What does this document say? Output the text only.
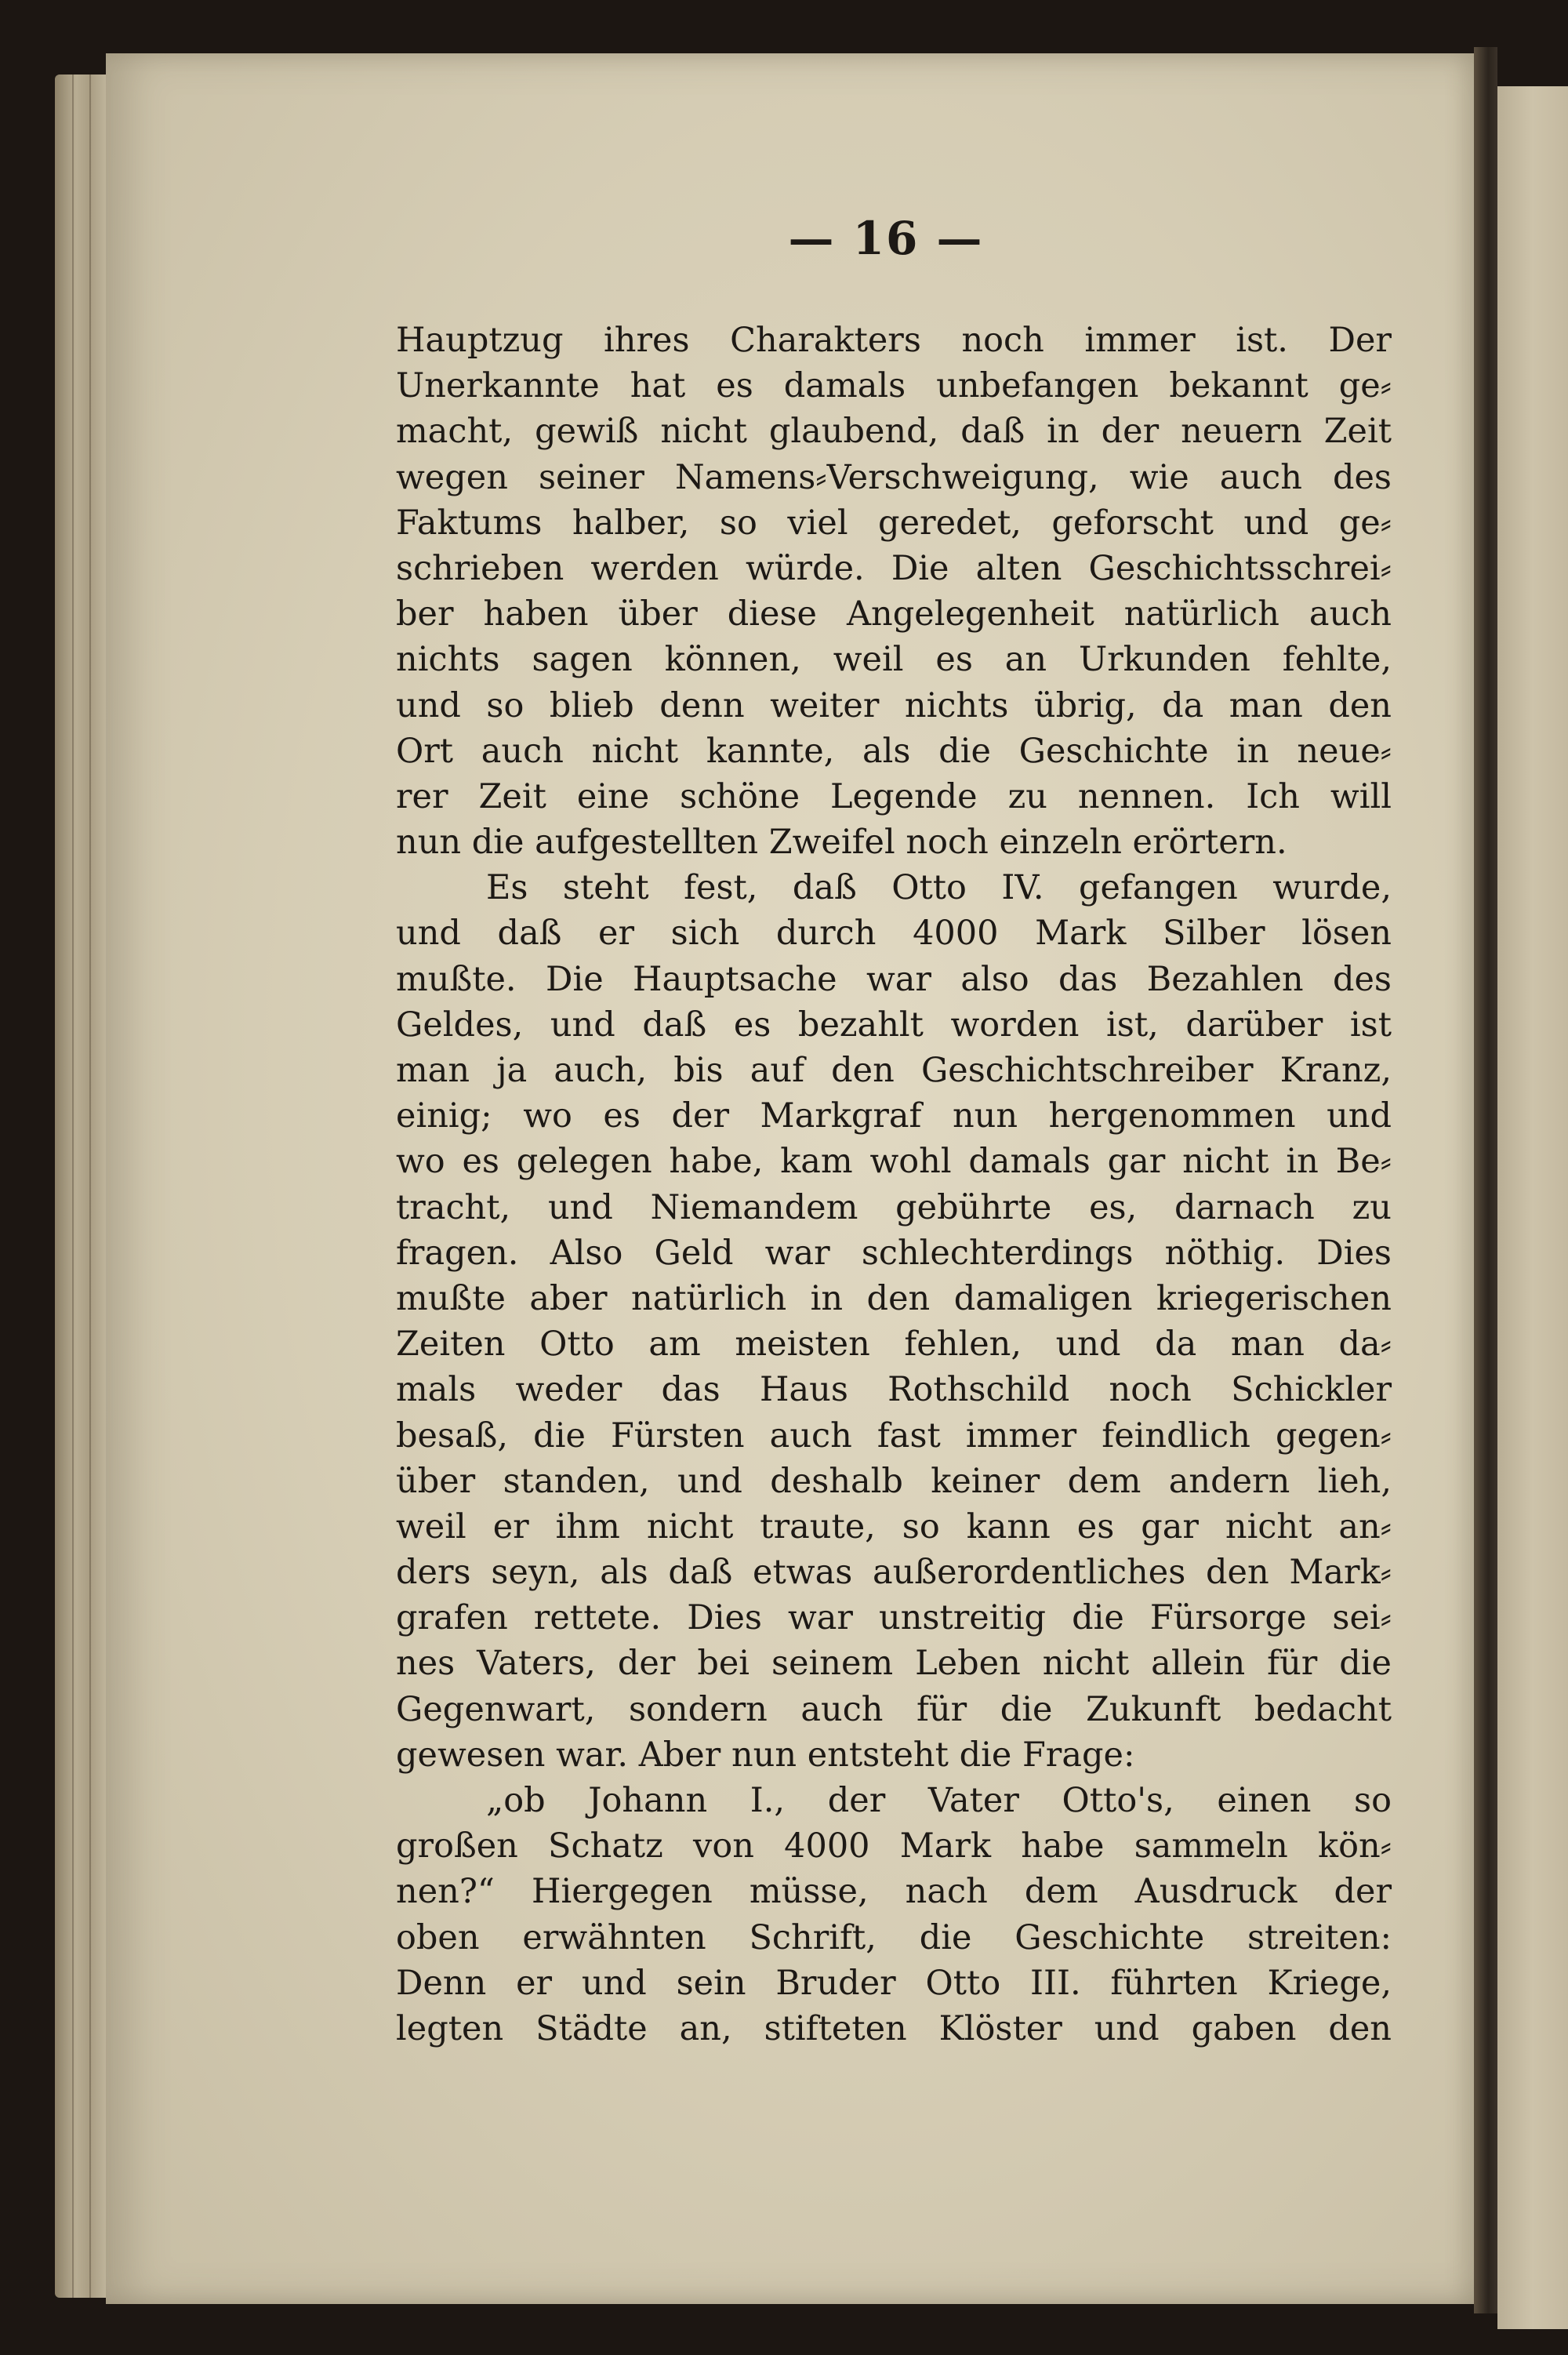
— 16 —
Hauptzug ihres Charakters noch immer ist. Der
Unerkannte hat es damals unbefangen bekannt ge⸗
macht, gewiß nicht glaubend, daß in der neuern Zeit
wegen seiner Namens⸗Verschweigung, wie auch des
Faktums halber, so viel geredet, geforscht und ge⸗
schrieben werden würde. Die alten Geschichtsschrei⸗
ber haben über diese Angelegenheit natürlich auch
nichts sagen können, weil es an Urkunden fehlte,
und so blieb denn weiter nichts übrig, da man den
Ort auch nicht kannte, als die Geschichte in neue⸗
rer Zeit eine schöne Legende zu nennen. Ich will
nun die aufgestellten Zweifel noch einzeln erörtern.
Es steht fest, daß Otto IV. gefangen wurde,
und daß er sich durch 4000 Mark Silber lösen
mußte. Die Hauptsache war also das Bezahlen des
Geldes, und daß es bezahlt worden ist, darüber ist
man ja auch, bis auf den Geschichtschreiber Kranz,
einig; wo es der Markgraf nun hergenommen und
wo es gelegen habe, kam wohl damals gar nicht in Be⸗
tracht, und Niemandem gebührte es, darnach zu
fragen. Also Geld war schlechterdings nöthig. Dies
mußte aber natürlich in den damaligen kriegerischen
Zeiten Otto am meisten fehlen, und da man da⸗
mals weder das Haus Rothschild noch Schickler
besaß, die Fürsten auch fast immer feindlich gegen⸗
über standen, und deshalb keiner dem andern lieh,
weil er ihm nicht traute, so kann es gar nicht an⸗
ders seyn, als daß etwas außerordentliches den Mark⸗
grafen rettete. Dies war unstreitig die Fürsorge sei⸗
nes Vaters, der bei seinem Leben nicht allein für die
Gegenwart, sondern auch für die Zukunft bedacht
gewesen war. Aber nun entsteht die Frage:
„ob Johann I., der Vater Otto's, einen so
großen Schatz von 4000 Mark habe sammeln kön⸗
nen?“ Hiergegen müsse, nach dem Ausdruck der
oben erwähnten Schrift, die Geschichte streiten:
Denn er und sein Bruder Otto III. führten Kriege,
legten Städte an, stifteten Klöster und gaben den
